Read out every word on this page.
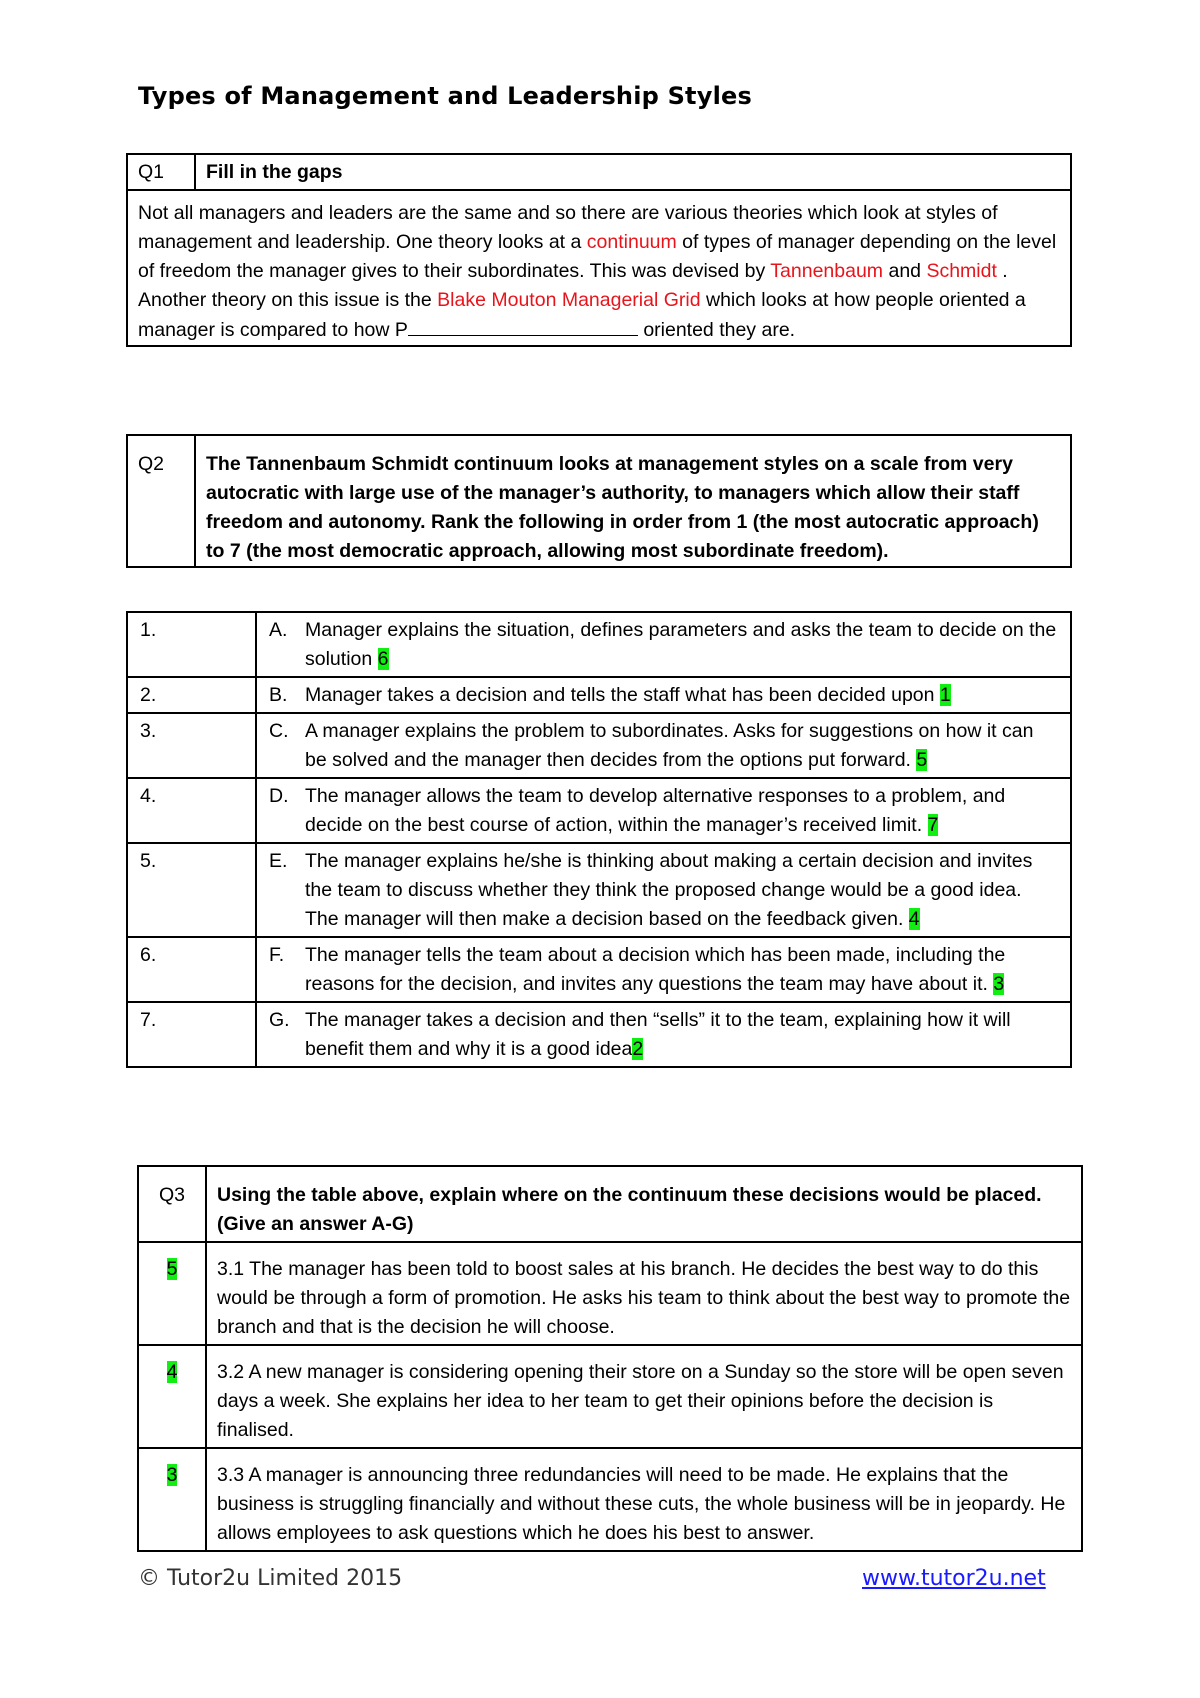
Types of Management and Leadership Styles
Q1	Fill in the gaps
Not all managers and leaders are the same and so there are various theories which look at styles of management and leadership. One theory looks at a continuum of types of manager depending on the level of freedom the manager gives to their subordinates. This was devised by Tannenbaum and Schmidt . Another theory on this issue is the Blake Mouton Managerial Grid which looks at how people oriented a manager is compared to how P	oriented they are.
Q2	The Tannenbaum Schmidt continuum looks at management styles on a scale from very autocratic with large use of the manager’s authority, to managers which allow their staff freedom and autonomy. Rank the following in order from 1 (the most autocratic approach) to 7 (the most democratic approach, allowing most subordinate freedom).
1.	A. Manager explains the situation, defines parameters and asks the team to decide on the solution 6

2.	B. Manager takes a decision and tells the staff what has been decided upon 1

3.	C. A manager explains the problem to subordinates. Asks for suggestions on how it can be solved and the manager then decides from the options put forward. 5

4.	D. The manager allows the team to develop alternative responses to a problem, and decide on the best course of action, within the manager’s received limit. 7

5.	E. The manager explains he/she is thinking about making a certain decision and invites the team to discuss whether they think the proposed change would be a good idea. The manager will then make a decision based on the feedback given. 4

6.	F. The manager tells the team about a decision which has been made, including the reasons for the decision, and invites any questions the team may have about it. 3

7.	G. The manager takes a decision and then “sells” it to the team, explaining how it will benefit them and why it is a good idea2
Q3	Using the table above, explain where on the continuum these decisions would be placed. (Give an answer A-G)
5	3.1 The manager has been told to boost sales at his branch. He decides the best way to do this would be through a form of promotion. He asks his team to think about the best way to promote the branch and that is the decision he will choose.
4	3.2 A new manager is considering opening their store on a Sunday so the store will be open seven days a week. She explains her idea to her team to get their opinions before the decision is finalised.
3	3.3 A manager is announcing three redundancies will need to be made. He explains that the business is struggling financially and without these cuts, the whole business will be in jeopardy. He allows employees to ask questions which he does his best to answer.
© Tutor2u Limited 2015	www.tutor2u.net
